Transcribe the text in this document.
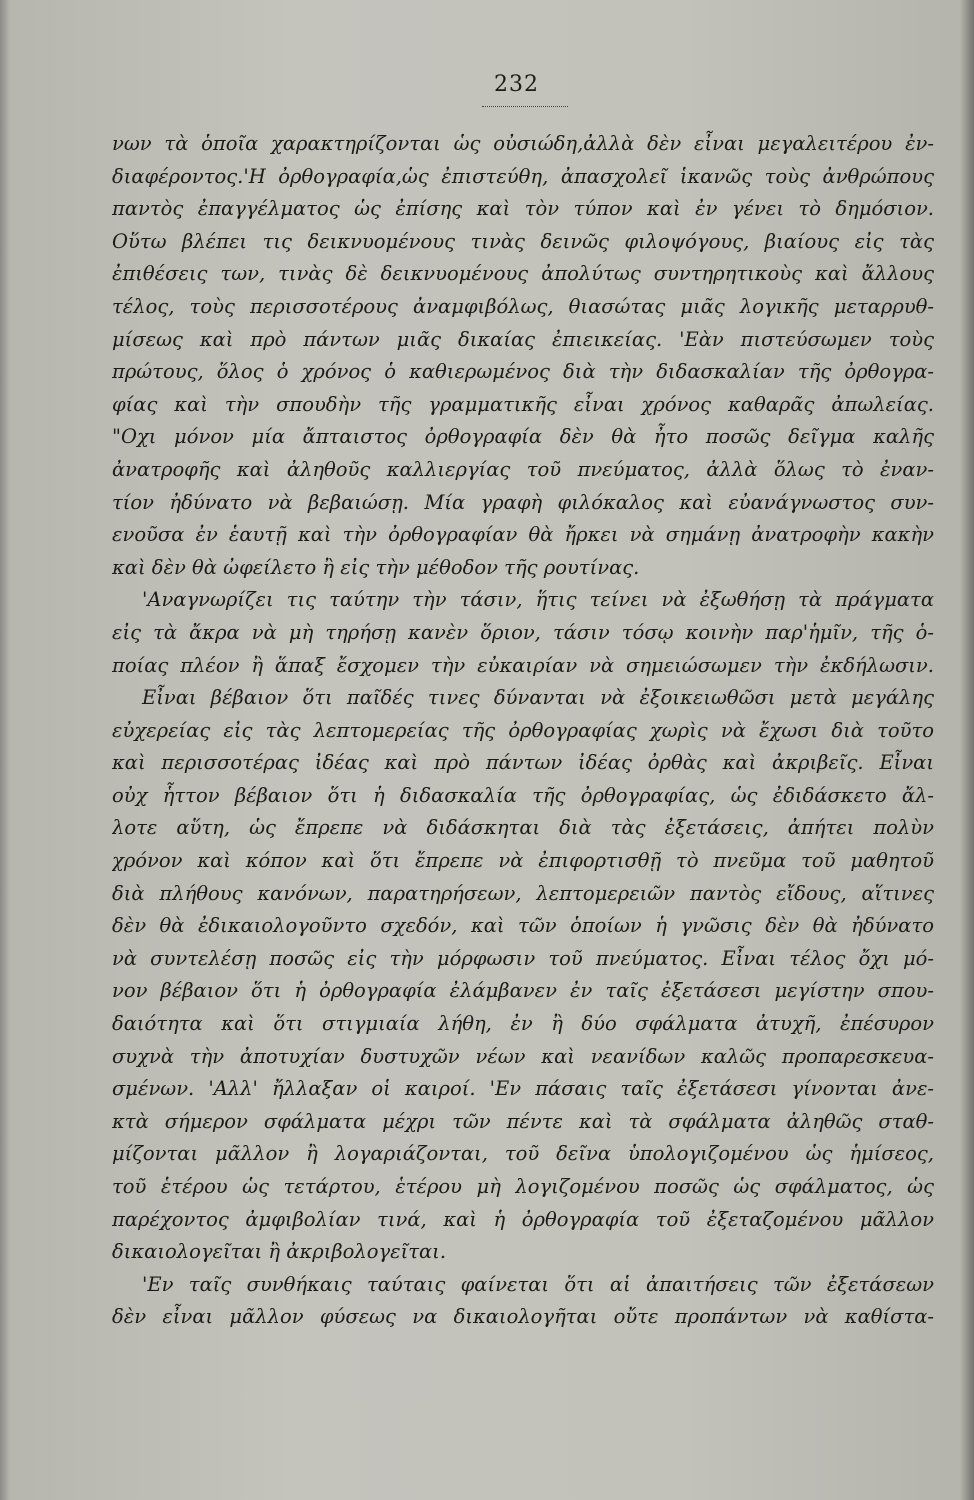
232
νων τὰ ὁποῖα χαρακτηρίζονται ὡς οὐσιώδη,ἀλλὰ δὲν εἶναι μεγαλειτέρου ἐν-
διαφέροντος.'Η ὀρθογραφία,ὡς ἐπιστεύθη, ἀπασχολεῖ ἱκανῶς τοὺς ἀνθρώπους
παντὸς ἐπαγγέλματος ὡς ἐπίσης καὶ τὸν τύπον καὶ ἐν γένει τὸ δημόσιον.
Οὕτω βλέπει τις δεικνυομένους τινὰς δεινῶς φιλοψόγους, βιαίους εἰς τὰς
ἐπιθέσεις των, τινὰς δὲ δεικνυομένους ἀπολύτως συντηρητικοὺς καὶ ἄλλους
τέλος, τοὺς περισσοτέρους ἀναμφιβόλως, θιασώτας μιᾶς λογικῆς μεταρρυθ-
μίσεως καὶ πρὸ πάντων μιᾶς δικαίας ἐπιεικείας. 'Εὰν πιστεύσωμεν τοὺς
πρώτους, ὅλος ὁ χρόνος ὁ καθιερωμένος διὰ τὴν διδασκαλίαν τῆς ὀρθογρα-
φίας καὶ τὴν σπουδὴν τῆς γραμματικῆς εἶναι χρόνος καθαρᾶς ἀπωλείας.
"Οχι μόνον μία ἄπταιστος ὀρθογραφία δὲν θὰ ἦτο ποσῶς δεῖγμα καλῆς
ἀνατροφῆς καὶ ἀληθοῦς καλλιεργίας τοῦ πνεύματος, ἀλλὰ ὅλως τὸ ἐναν-
τίον ἠδύνατο νὰ βεβαιώσῃ. Μία γραφὴ φιλόκαλος καὶ εὐανάγνωστος συν-
ενοῦσα ἐν ἑαυτῇ καὶ τὴν ὀρθογραφίαν θὰ ἤρκει νὰ σημάνῃ ἀνατροφὴν κακὴν
καὶ δὲν θὰ ὠφείλετο ἢ εἰς τὴν μέθοδον τῆς ρουτίνας.
'Αναγνωρίζει τις ταύτην τὴν τάσιν, ἥτις τείνει νὰ ἐξωθήσῃ τὰ πράγματα
εἰς τὰ ἄκρα νὰ μὴ τηρήσῃ κανὲν ὅριον, τάσιν τόσῳ κοινὴν παρ'ἡμῖν, τῆς ὁ-
ποίας πλέον ἢ ἅπαξ ἔσχομεν τὴν εὐκαιρίαν νὰ σημειώσωμεν τὴν ἐκδήλωσιν.
Εἶναι βέβαιον ὅτι παῖδές τινες δύνανται νὰ ἐξοικειωθῶσι μετὰ μεγάλης
εὐχερείας εἰς τὰς λεπτομερείας τῆς ὀρθογραφίας χωρὶς νὰ ἔχωσι διὰ τοῦτο
καὶ περισσοτέρας ἰδέας καὶ πρὸ πάντων ἰδέας ὀρθὰς καὶ ἀκριβεῖς. Εἶναι
οὐχ ἧττον βέβαιον ὅτι ἡ διδασκαλία τῆς ὀρθογραφίας, ὡς ἐδιδάσκετο ἄλ-
λοτε αὕτη, ὡς ἔπρεπε νὰ διδάσκηται διὰ τὰς ἐξετάσεις, ἀπήτει πολὺν
χρόνον καὶ κόπον καὶ ὅτι ἔπρεπε νὰ ἐπιφορτισθῇ τὸ πνεῦμα τοῦ μαθητοῦ
διὰ πλήθους κανόνων, παρατηρήσεων, λεπτομερειῶν παντὸς εἴδους, αἵτινες
δὲν θὰ ἐδικαιολογοῦντο σχεδόν, καὶ τῶν ὁποίων ἡ γνῶσις δὲν θὰ ἠδύνατο
νὰ συντελέσῃ ποσῶς εἰς τὴν μόρφωσιν τοῦ πνεύματος. Εἶναι τέλος ὄχι μό-
νον βέβαιον ὅτι ἡ ὀρθογραφία ἐλάμβανεν ἐν ταῖς ἐξετάσεσι μεγίστην σπου-
δαιότητα καὶ ὅτι στιγμιαία λήθη, ἐν ἢ δύο σφάλματα ἀτυχῆ, ἐπέσυρον
συχνὰ τὴν ἀποτυχίαν δυστυχῶν νέων καὶ νεανίδων καλῶς προπαρεσκευα-
σμένων. 'Αλλ' ἤλλαξαν οἱ καιροί. 'Εν πάσαις ταῖς ἐξετάσεσι γίνονται ἀνε-
κτὰ σήμερον σφάλματα μέχρι τῶν πέντε καὶ τὰ σφάλματα ἀληθῶς σταθ-
μίζονται μᾶλλον ἢ λογαριάζονται, τοῦ δεῖνα ὑπολογιζομένου ὡς ἡμίσεος,
τοῦ ἑτέρου ὡς τετάρτου, ἑτέρου μὴ λογιζομένου ποσῶς ὡς σφάλματος, ὡς
παρέχοντος ἀμφιβολίαν τινά, καὶ ἡ ὀρθογραφία τοῦ ἐξεταζομένου μᾶλλον
δικαιολογεῖται ἢ ἀκριβολογεῖται.
'Εν ταῖς συνθήκαις ταύταις φαίνεται ὅτι αἱ ἀπαιτήσεις τῶν ἐξετάσεων
δὲν εἶναι μᾶλλον φύσεως να δικαιολογῆται οὔτε προπάντων νὰ καθίστα-
